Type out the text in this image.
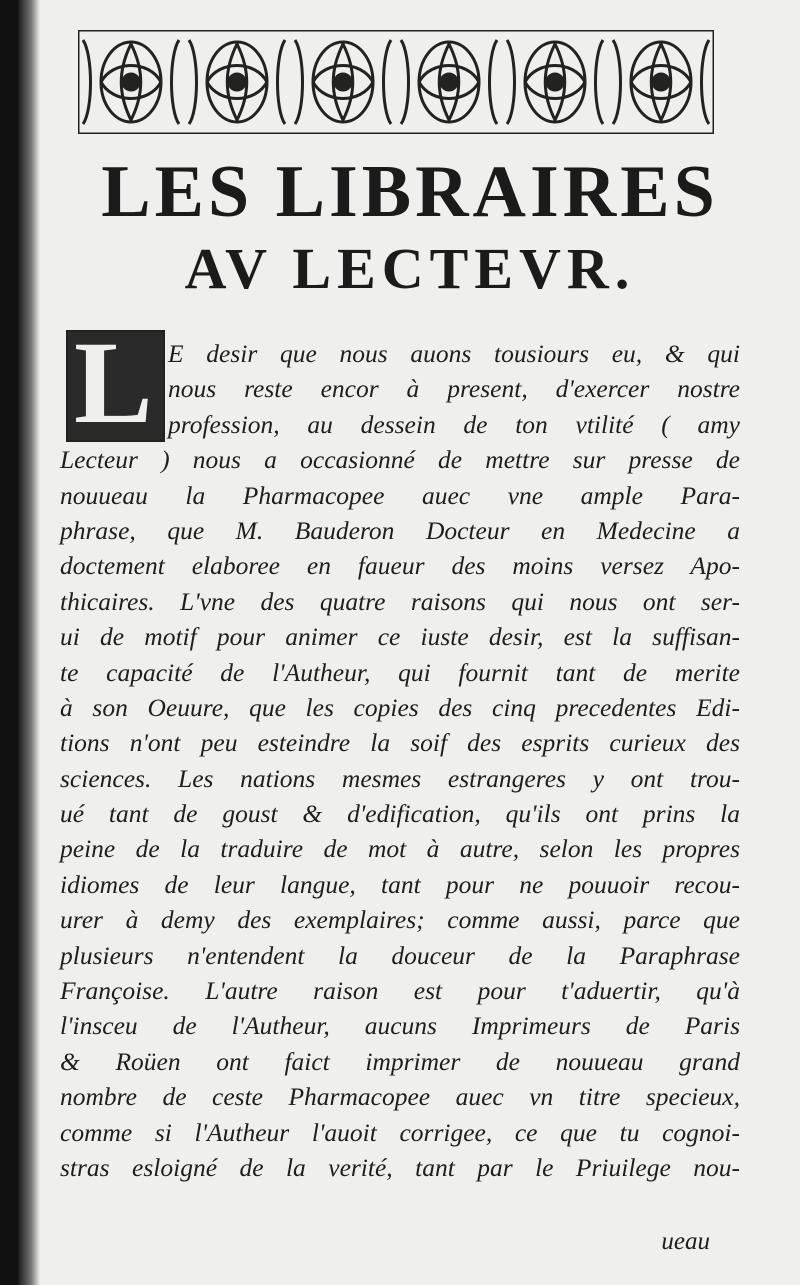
LES LIBRAIRES
AV LECTEVR.
L E desir que nous auons tousiours eu, & qui
nous reste encor à present, d'exercer nostre
profession, au dessein de ton vtilité ( amy
Lecteur ) nous a occasionné de mettre sur presse de
nouueau la Pharmacopee auec vne ample Para-
phrase, que M. Bauderon Docteur en Medecine a
doctement elaboree en faueur des moins versez Apo-
thicaires. L'vne des quatre raisons qui nous ont ser-
ui de motif pour animer ce iuste desir, est la suffisan-
te capacité de l'Autheur, qui fournit tant de merite
à son Oeuure, que les copies des cinq precedentes Edi-
tions n'ont peu esteindre la soif des esprits curieux des
sciences. Les nations mesmes estrangeres y ont trou-
ué tant de goust & d'edification, qu'ils ont prins la
peine de la traduire de mot à autre, selon les propres
idiomes de leur langue, tant pour ne pouuoir recou-
urer à demy des exemplaires; comme aussi, parce que
plusieurs n'entendent la douceur de la Paraphrase
Françoise. L'autre raison est pour t'aduertir, qu'à
l'insceu de l'Autheur, aucuns Imprimeurs de Paris
& Roüen ont faict imprimer de nouueau grand
nombre de ceste Pharmacopee auec vn titre specieux,
comme si l'Autheur l'auoit corrigee, ce que tu cognoi-
stras esloigné de la verité, tant par le Priuilege nou-
ueau
